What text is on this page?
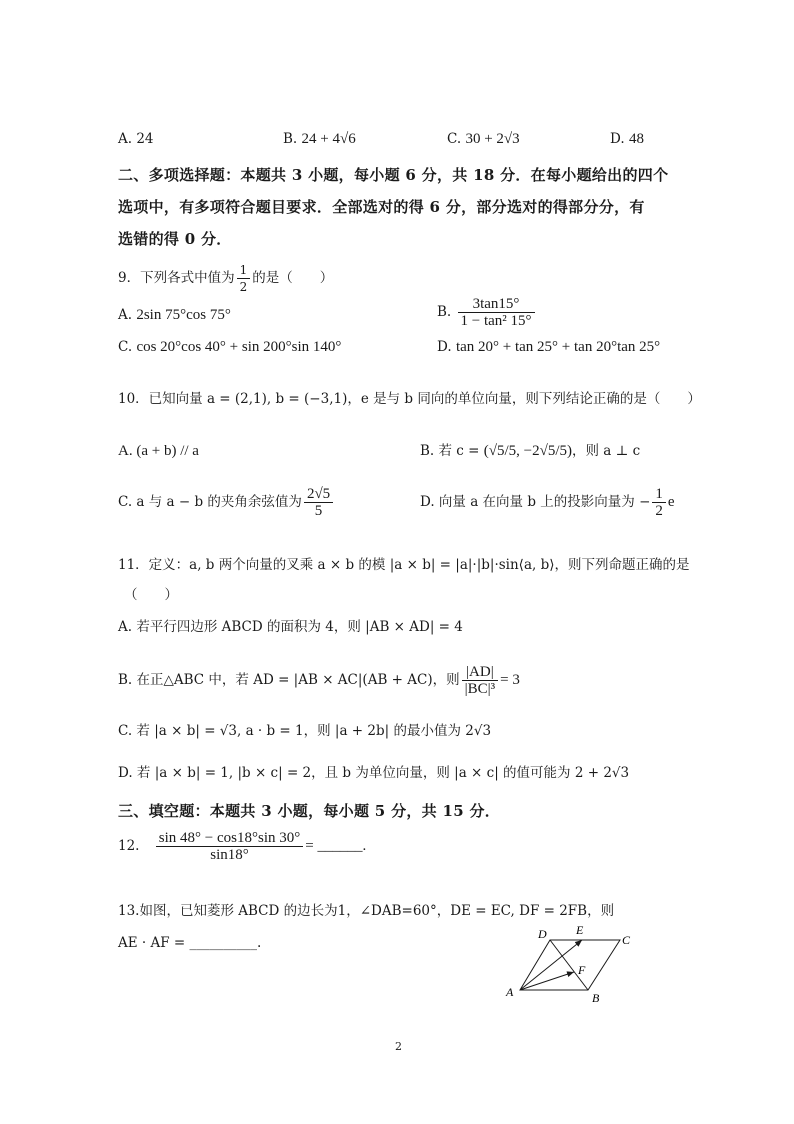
A. 24	B. 24 + 4√6	C. 30 + 2√3	D. 48
二、多项选择题：本题共 3 小题，每小题 6 分，共 18 分．在每小题给出的四个
选项中，有多项符合题目要求．全部选对的得 6 分，部分选对的得部分分，有
选错的得 0 分．
9．下列各式中值为 $\frac{1}{2}$ 的是（　　）
A. 2sin 75°cos 75°	B. $\frac{3\tan 15^\circ}{\text{1 − tan² 15°}}$
C. cos 20°cos 40° + sin 200°sin 140°	D. tan 20° + tan 25° + tan 20°tan 25°
10．已知向量 a = (2,1), b = (−3,1)，e 是与 b 同向的单位向量，则下列结论正确的是（　　）
A. (a + b) // a	B. 若 c = (√5/5, −2√5/5)，则 a ⊥ c
C. a 与 a − b 的夹角余弦值为 $\frac{2√5}{5}$	D. 向量 a 在向量 b 上的投影向量为 − $\frac{1}{2}$ e
11．定义：a, b 两个向量的叉乘 a × b 的模 |a × b| = |a|·|b|·sin⟨a, b⟩，则下列命题正确的是
（　　）
A. 若平行四边形 ABCD 的面积为 4，则 |AB × AD| = 4
B. 在正△ABC 中，若 AD = |AB × AC|(AB + AC)，则 $\frac{|AD|}{\text{|BC|³}} = 3$
C. 若 |a × b| = √3, a · b = 1，则 |a + 2b| 的最小值为 2√3
D. 若 |a × b| = 1, |b × c| = 2，且 b 为单位向量，则 |a × c| 的值可能为 2 + 2√3
三、填空题：本题共 3 小题，每小题 5 分，共 15 分．
12. $\frac{\sin 48^\circ - \cos 18^\circ\sin 30^\circ}{\sin 18^\circ}$ = ______.
13.如图，已知菱形 ABCD 的边长为1，∠DAB=60°，DE = EC, DF = 2FB，则
AE · AF = __________.
A	B
C
D E
F
2
